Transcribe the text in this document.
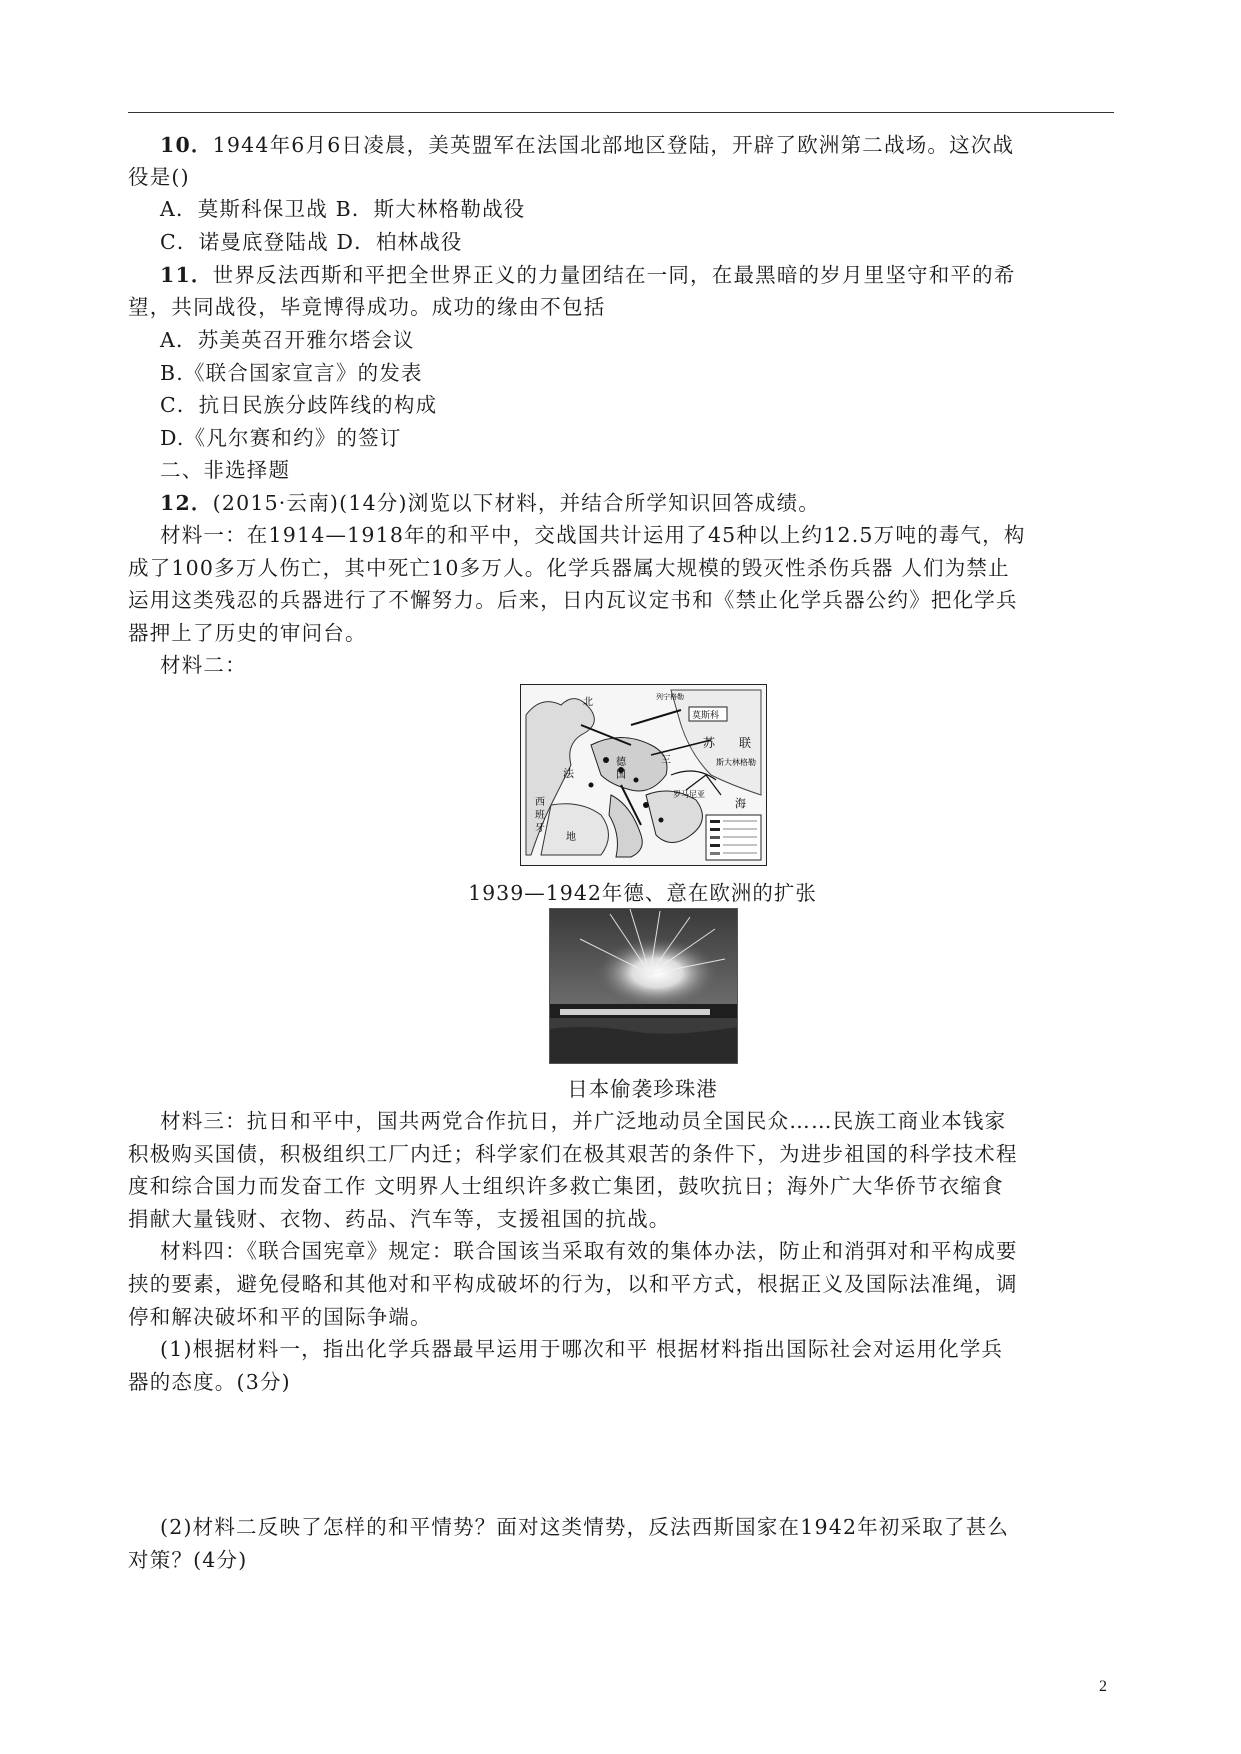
10．1944年6月6日凌晨，美英盟军在法国北部地区登陆，开辟了欧洲第二战场。这次战
役是()
A．莫斯科保卫战 B．斯大林格勒战役
C．诺曼底登陆战 D．柏林战役
11．世界反法西斯和平把全世界正义的力量团结在一同，在最黑暗的岁月里坚守和平的希
望，共同战役，毕竟博得成功。成功的缘由不包括
A．苏美英召开雅尔塔会议
B.《联合国家宣言》的发表
C．抗日民族分歧阵线的构成
D.《凡尔赛和约》的签订
二、非选择题
12．(2015·云南)(14分)浏览以下材料，并结合所学知识回答成绩。
材料一：在1914—1918年的和平中，交战国共计运用了45种以上约12.5万吨的毒气，构
成了100多万人伤亡，其中死亡10多万人。化学兵器属大规模的毁灭性杀伤兵器 人们为禁止
运用这类残忍的兵器进行了不懈努力。后来，日内瓦议定书和《禁止化学兵器公约》把化学兵
器押上了历史的审问台。
材料二：
莫斯科
苏 联
斯大林格勒
罗马尼亚
列宁格勒
海
西
班
牙
地
法
德
国
北
三
1939—1942年德、意在欧洲的扩张
日本偷袭珍珠港
材料三：抗日和平中，国共两党合作抗日，并广泛地动员全国民众……民族工商业本钱家
积极购买国债，积极组织工厂内迁；科学家们在极其艰苦的条件下，为进步祖国的科学技术程
度和综合国力而发奋工作 文明界人士组织许多救亡集团，鼓吹抗日；海外广大华侨节衣缩食
捐献大量钱财、衣物、药品、汽车等，支援祖国的抗战。
材料四：《联合国宪章》规定：联合国该当采取有效的集体办法，防止和消弭对和平构成要
挟的要素，避免侵略和其他对和平构成破坏的行为，以和平方式，根据正义及国际法准绳，调
停和解决破坏和平的国际争端。
(1)根据材料一，指出化学兵器最早运用于哪次和平 根据材料指出国际社会对运用化学兵
器的态度。(3分)
(2)材料二反映了怎样的和平情势？面对这类情势，反法西斯国家在1942年初采取了甚么
对策？(4分)
2
